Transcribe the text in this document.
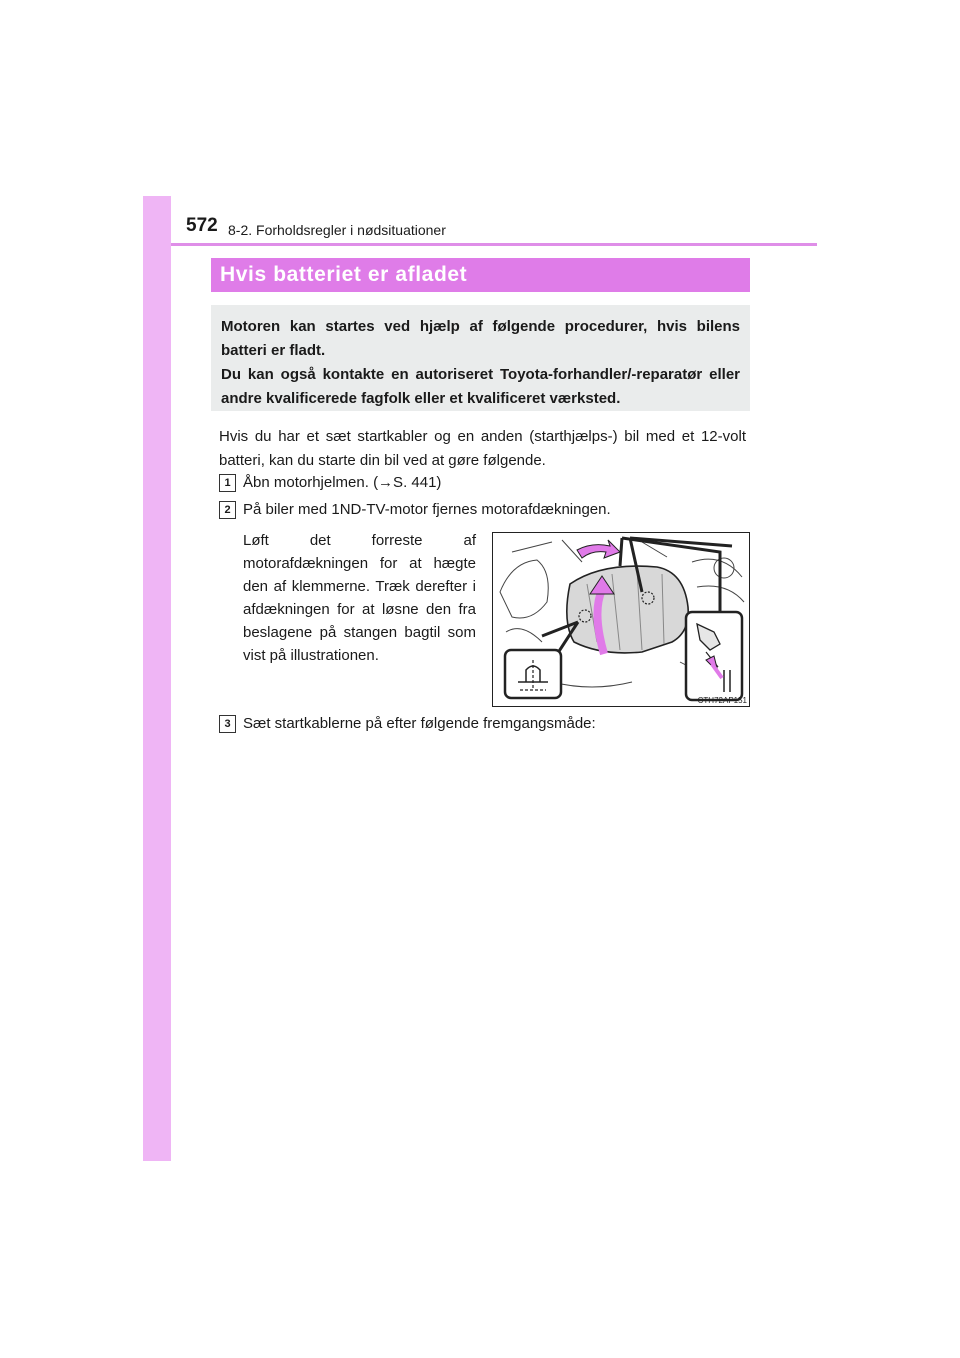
572 8-2. Forholdsregler i nødsituationer
Hvis batteriet er afladet
Motoren kan startes ved hjælp af følgende procedurer, hvis bilens batteri er fladt.
Du kan også kontakte en autoriseret Toyota-forhandler/-reparatør eller andre kvalificerede fagfolk eller et kvalificeret værksted.
Hvis du har et sæt startkabler og en anden (starthjælps-) bil med et 12-volt batteri, kan du starte din bil ved at gøre følgende.
1 Åbn motorhjelmen. (→S. 441)
2 På biler med 1ND-TV-motor fjernes motorafdækningen.
Løft det forreste af motorafdækningen for at hægte den af klemmerne. Træk derefter i afdækningen for at løsne den fra beslagene på stangen bagtil som vist på illustrationen.
CTH72AP151
3 Sæt startkablerne på efter følgende fremgangsmåde:
